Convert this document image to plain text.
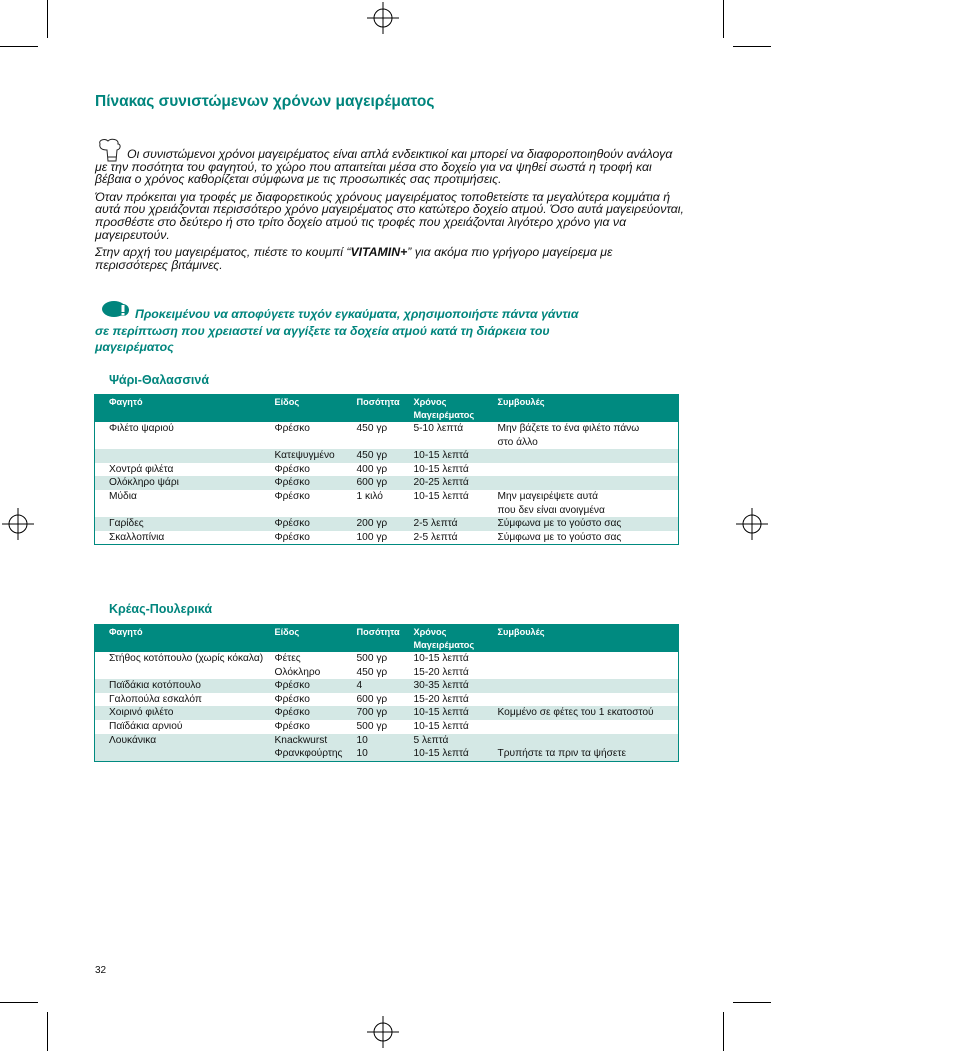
Πίνακας συνιστώμενων χρόνων μαγειρέματος

Οι συνιστώμενοι χρόνοι μαγειρέματος είναι απλά ενδεικτικοί και μπορεί να διαφοροποιηθούν ανάλογα με την ποσότητα του φαγητού, το χώρο που απαιτείται μέσα στο δοχείο για να ψηθεί σωστά η τροφή και βέβαια ο χρόνος καθορίζεται σύμφωνα με τις προσωπικές σας προτιμήσεις.

Όταν πρόκειται για τροφές με διαφορετικούς χρόνους μαγειρέματος τοποθετείστε τα μεγαλύτερα κομμάτια ή αυτά που χρειάζονται περισσότερο χρόνο μαγειρέματος στο κατώτερο δοχείο ατμού. Όσο αυτά μαγειρεύονται, προσθέστε στο δεύτερο ή στο τρίτο δοχείο ατμού τις τροφές που χρειάζονται λιγότερο χρόνο για να μαγειρευτούν.

Στην αρχή του μαγειρέματος, πιέστε το κουμπί “VITAMIN+” για ακόμα πιο γρήγορο μαγείρεμα με περισσότερες βιτάμινες.

Προκειμένου να αποφύγετε τυχόν εγκαύματα, χρησιμοποιήστε πάντα γάντια
σε περίπτωση που χρειαστεί να αγγίξετε τα δοχεία ατμού κατά τη διάρκεια του
μαγειρέματος
Ψάρι-Θαλασσινά
Φαγητό	Είδος	Ποσότητα	Χρόνος
Μαγειρέματος	Συμβουλές
Φιλέτο ψαριού	Φρέσκο	450 γρ	5-10 λεπτά	Μην βάζετε το ένα φιλέτο πάνω
στο άλλο
	Κατεψυγμένο	450 γρ	10-15 λεπτά	
Χοντρά φιλέτα	Φρέσκο	400 γρ	10-15 λεπτά	
Ολόκληρο ψάρι	Φρέσκο	600 γρ	20-25 λεπτά	
Μύδια	Φρέσκο	1 κιλό	10-15 λεπτά	Μην μαγειρέψετε αυτά
που δεν είναι ανοιγμένα
Γαρίδες	Φρέσκο	200 γρ	2-5 λεπτά	Σύμφωνα με το γούστο σας
Σκαλλοπίνια	Φρέσκο	100 γρ	2-5 λεπτά	Σύμφωνα με το γούστο σας
Κρέας-Πουλερικά
Φαγητό	Είδος	Ποσότητα	Χρόνος
Μαγειρέματος	Συμβουλές
Στήθος κοτόπουλο (χωρίς κόκαλα)	Φέτες	500 γρ	10-15 λεπτά	
	Ολόκληρο	450 γρ	15-20 λεπτά	
Παϊδάκια κοτόπουλο	Φρέσκο	4	30-35 λεπτά	
Γαλοπούλα εσκαλόπ	Φρέσκο	600 γρ	15-20 λεπτά	
Χοιρινό φιλέτο	Φρέσκο	700 γρ	10-15 λεπτά	Κομμένο σε φέτες του 1 εκατοστού
Παϊδάκια αρνιού	Φρέσκο	500 γρ	10-15 λεπτά	
Λουκάνικα	Knackwurst	10	5 λεπτά	
	Φρανκφούρτης	10	10-15 λεπτά	Τρυπήστε τα πριν τα ψήσετε
32
